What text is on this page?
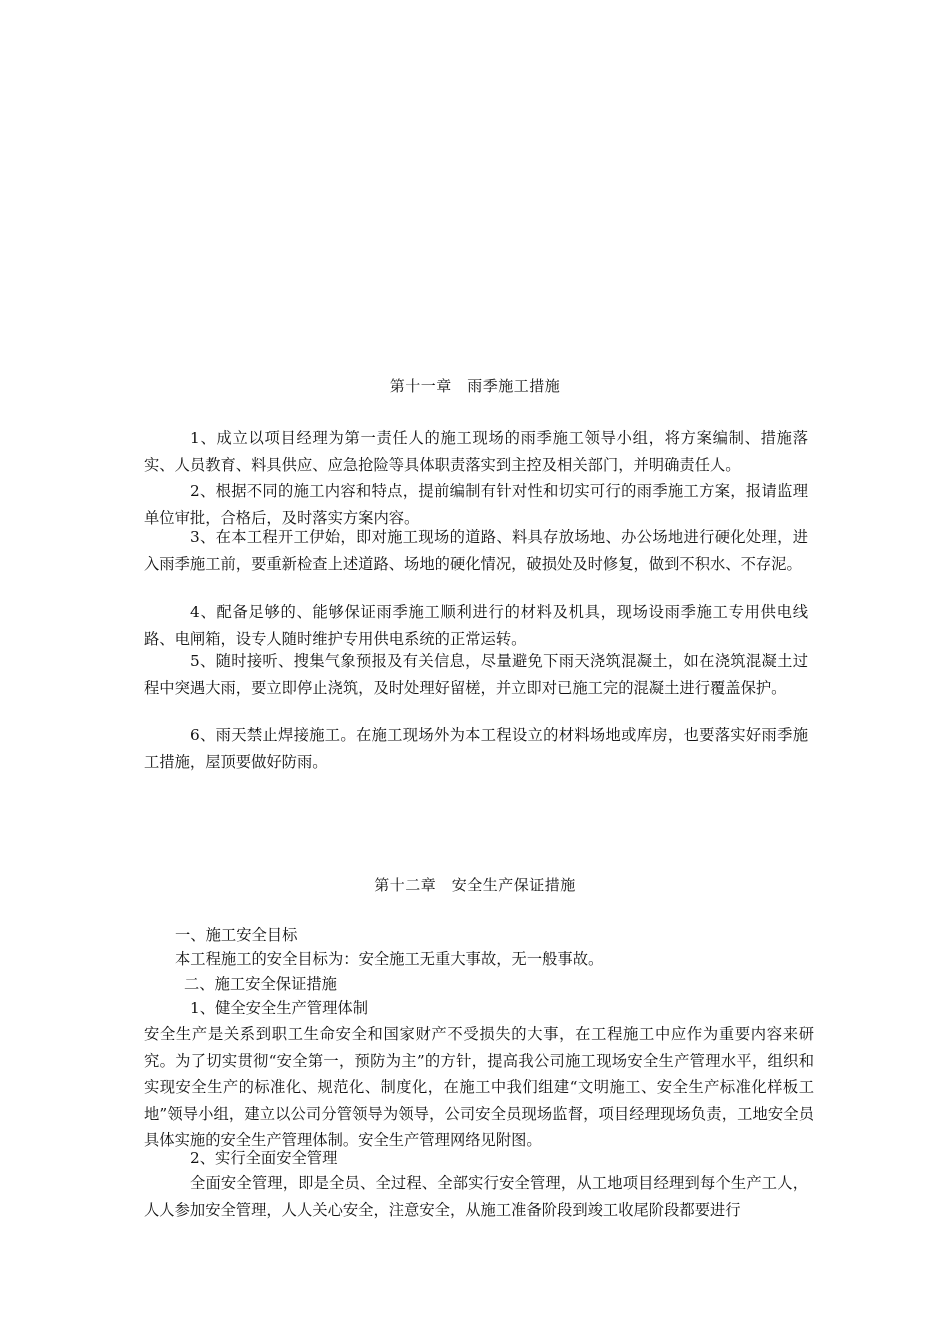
第十一章　雨季施工措施

1、成立以项目经理为第一责任人的施工现场的雨季施工领导小组，将方案编制、措施落实、人员教育、料具供应、应急抢险等具体职责落实到主控及相关部门，并明确责任人。

2、根据不同的施工内容和特点，提前编制有针对性和切实可行的雨季施工方案，报请监理单位审批，合格后，及时落实方案内容。

3、在本工程开工伊始，即对施工现场的道路、料具存放场地、办公场地进行硬化处理，进入雨季施工前，要重新检查上述道路、场地的硬化情况，破损处及时修复，做到不积水、不存泥。

4、配备足够的、能够保证雨季施工顺利进行的材料及机具，现场设雨季施工专用供电线路、电闸箱，设专人随时维护专用供电系统的正常运转。

5、随时接听、搜集气象预报及有关信息，尽量避免下雨天浇筑混凝土，如在浇筑混凝土过程中突遇大雨，要立即停止浇筑，及时处理好留槎，并立即对已施工完的混凝土进行覆盖保护。

6、雨天禁止焊接施工。在施工现场外为本工程设立的材料场地或库房，也要落实好雨季施工措施，屋顶要做好防雨。

第十二章　安全生产保证措施
一、施工安全目标
本工程施工的安全目标为：安全施工无重大事故，无一般事故。
二、施工安全保证措施
1、健全安全生产管理体制

安全生产是关系到职工生命安全和国家财产不受损失的大事，在工程施工中应作为重要内容来研究。为了切实贯彻“安全第一，预防为主”的方针，提高我公司施工现场安全生产管理水平，组织和实现安全生产的标准化、规范化、制度化，在施工中我们组建“文明施工、安全生产标准化样板工地”领导小组，建立以公司分管领导为领导，公司安全员现场监督，项目经理现场负责，工地安全员具体实施的安全生产管理体制。安全生产管理网络见附图。

2、实行全面安全管理

全面安全管理，即是全员、全过程、全部实行安全管理，从工地项目经理到每个生产工人，人人参加安全管理，人人关心安全，注意安全，从施工准备阶段到竣工收尾阶段都要进行
